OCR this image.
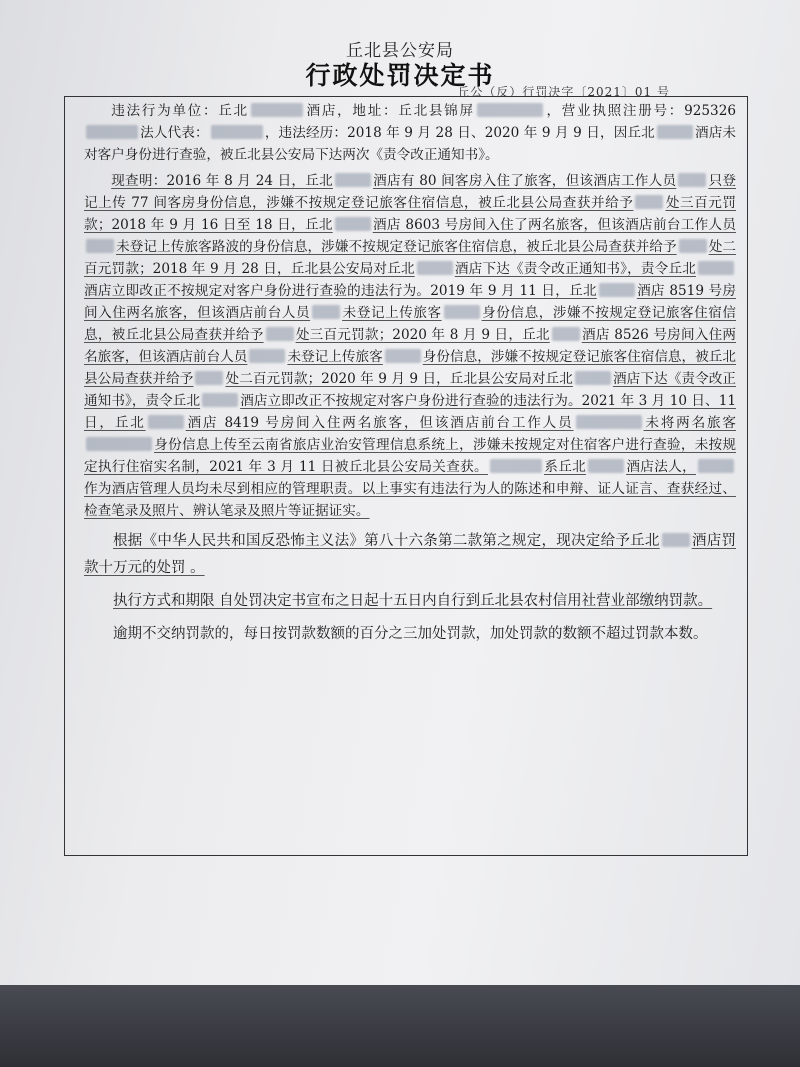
丘北县公安局
行政处罚决定书
丘公（反）行罚决字〔2021〕01 号

违法行为单位：丘北	酒店，地址：丘北县锦屏	，营业执照注册号：925326法人代表：	，违法经历：2018 年 9 月 28 日、2020 年 9 月 9 日，因丘北	酒店未对客户身份进行查验，被丘北县公安局下达两次《责令改正通知书》。

现查明：2016 年 8 月 24 日，丘北	酒店有 80 间客房入住了旅客，但该酒店工作人员 只登记上传 77 间客房身份信息，涉嫌不按规定登记旅客住宿信息，被丘北县公局查获并给予 处三百元罚款；2018 年 9 月 16 日至 18 日，丘北	酒店 8603 号房间入住了两名旅客，但该酒店前台工作人员未登记上传旅客路波的身份信息，涉嫌不按规定登记旅客住宿信息，被丘北县公局查获并给予 处二百元罚款；2018 年 9 月 28 日，丘北县公安局对丘北	酒店下达《责令改正通知书》，责令丘北酒店立即改正不按规定对客户身份进行查验的违法行为。2019 年 9 月 11 日，丘北	酒店 8519 号房间入住两名旅客，但该酒店前台人员 未登记上传旅客	身份信息，涉嫌不按规定登记旅客住宿信息，被丘北县公局查获并给予 处三百元罚款；2020 年 8 月 9 日，丘北 酒店 8526 号房间入住两名旅客，但该酒店前台人员	未登记上传旅客	身份信息，涉嫌不按规定登记旅客住宿信息，被丘北县公局查获并给予 处二百元罚款；2020 年 9 月 9 日，丘北县公安局对丘北	酒店下达《责令改正通知书》，责令丘北	酒店立即改正不按规定对客户身份进行查验的违法行为。2021 年 3 月 10 日、11 日，丘北	酒店 8419 号房间入住两名旅客，但该酒店前台工作人员	未将两名旅客身份信息上传至云南省旅店业治安管理信息系统上，涉嫌未按规定对住宿客户进行查验，未按规定执行住宿实名制，2021 年 3 月 11 日被丘北县公安局关查获。	系丘北	酒店法人，作为酒店管理人员均未尽到相应的管理职责。以上事实有违法行为人的陈述和申辩、证人证言、查获经过、检查笔录及照片、辨认笔录及照片等证据证实。

根据《中华人民共和国反恐怖主义法》第八十六条第二款第之规定，现决定给予丘北 酒店罚款十万元的处罚 。

执行方式和期限 自处罚决定书宣布之日起十五日内自行到丘北县农村信用社营业部缴纳罚款。

逾期不交纳罚款的，每日按罚款数额的百分之三加处罚款，加处罚款的数额不超过罚款本数。
